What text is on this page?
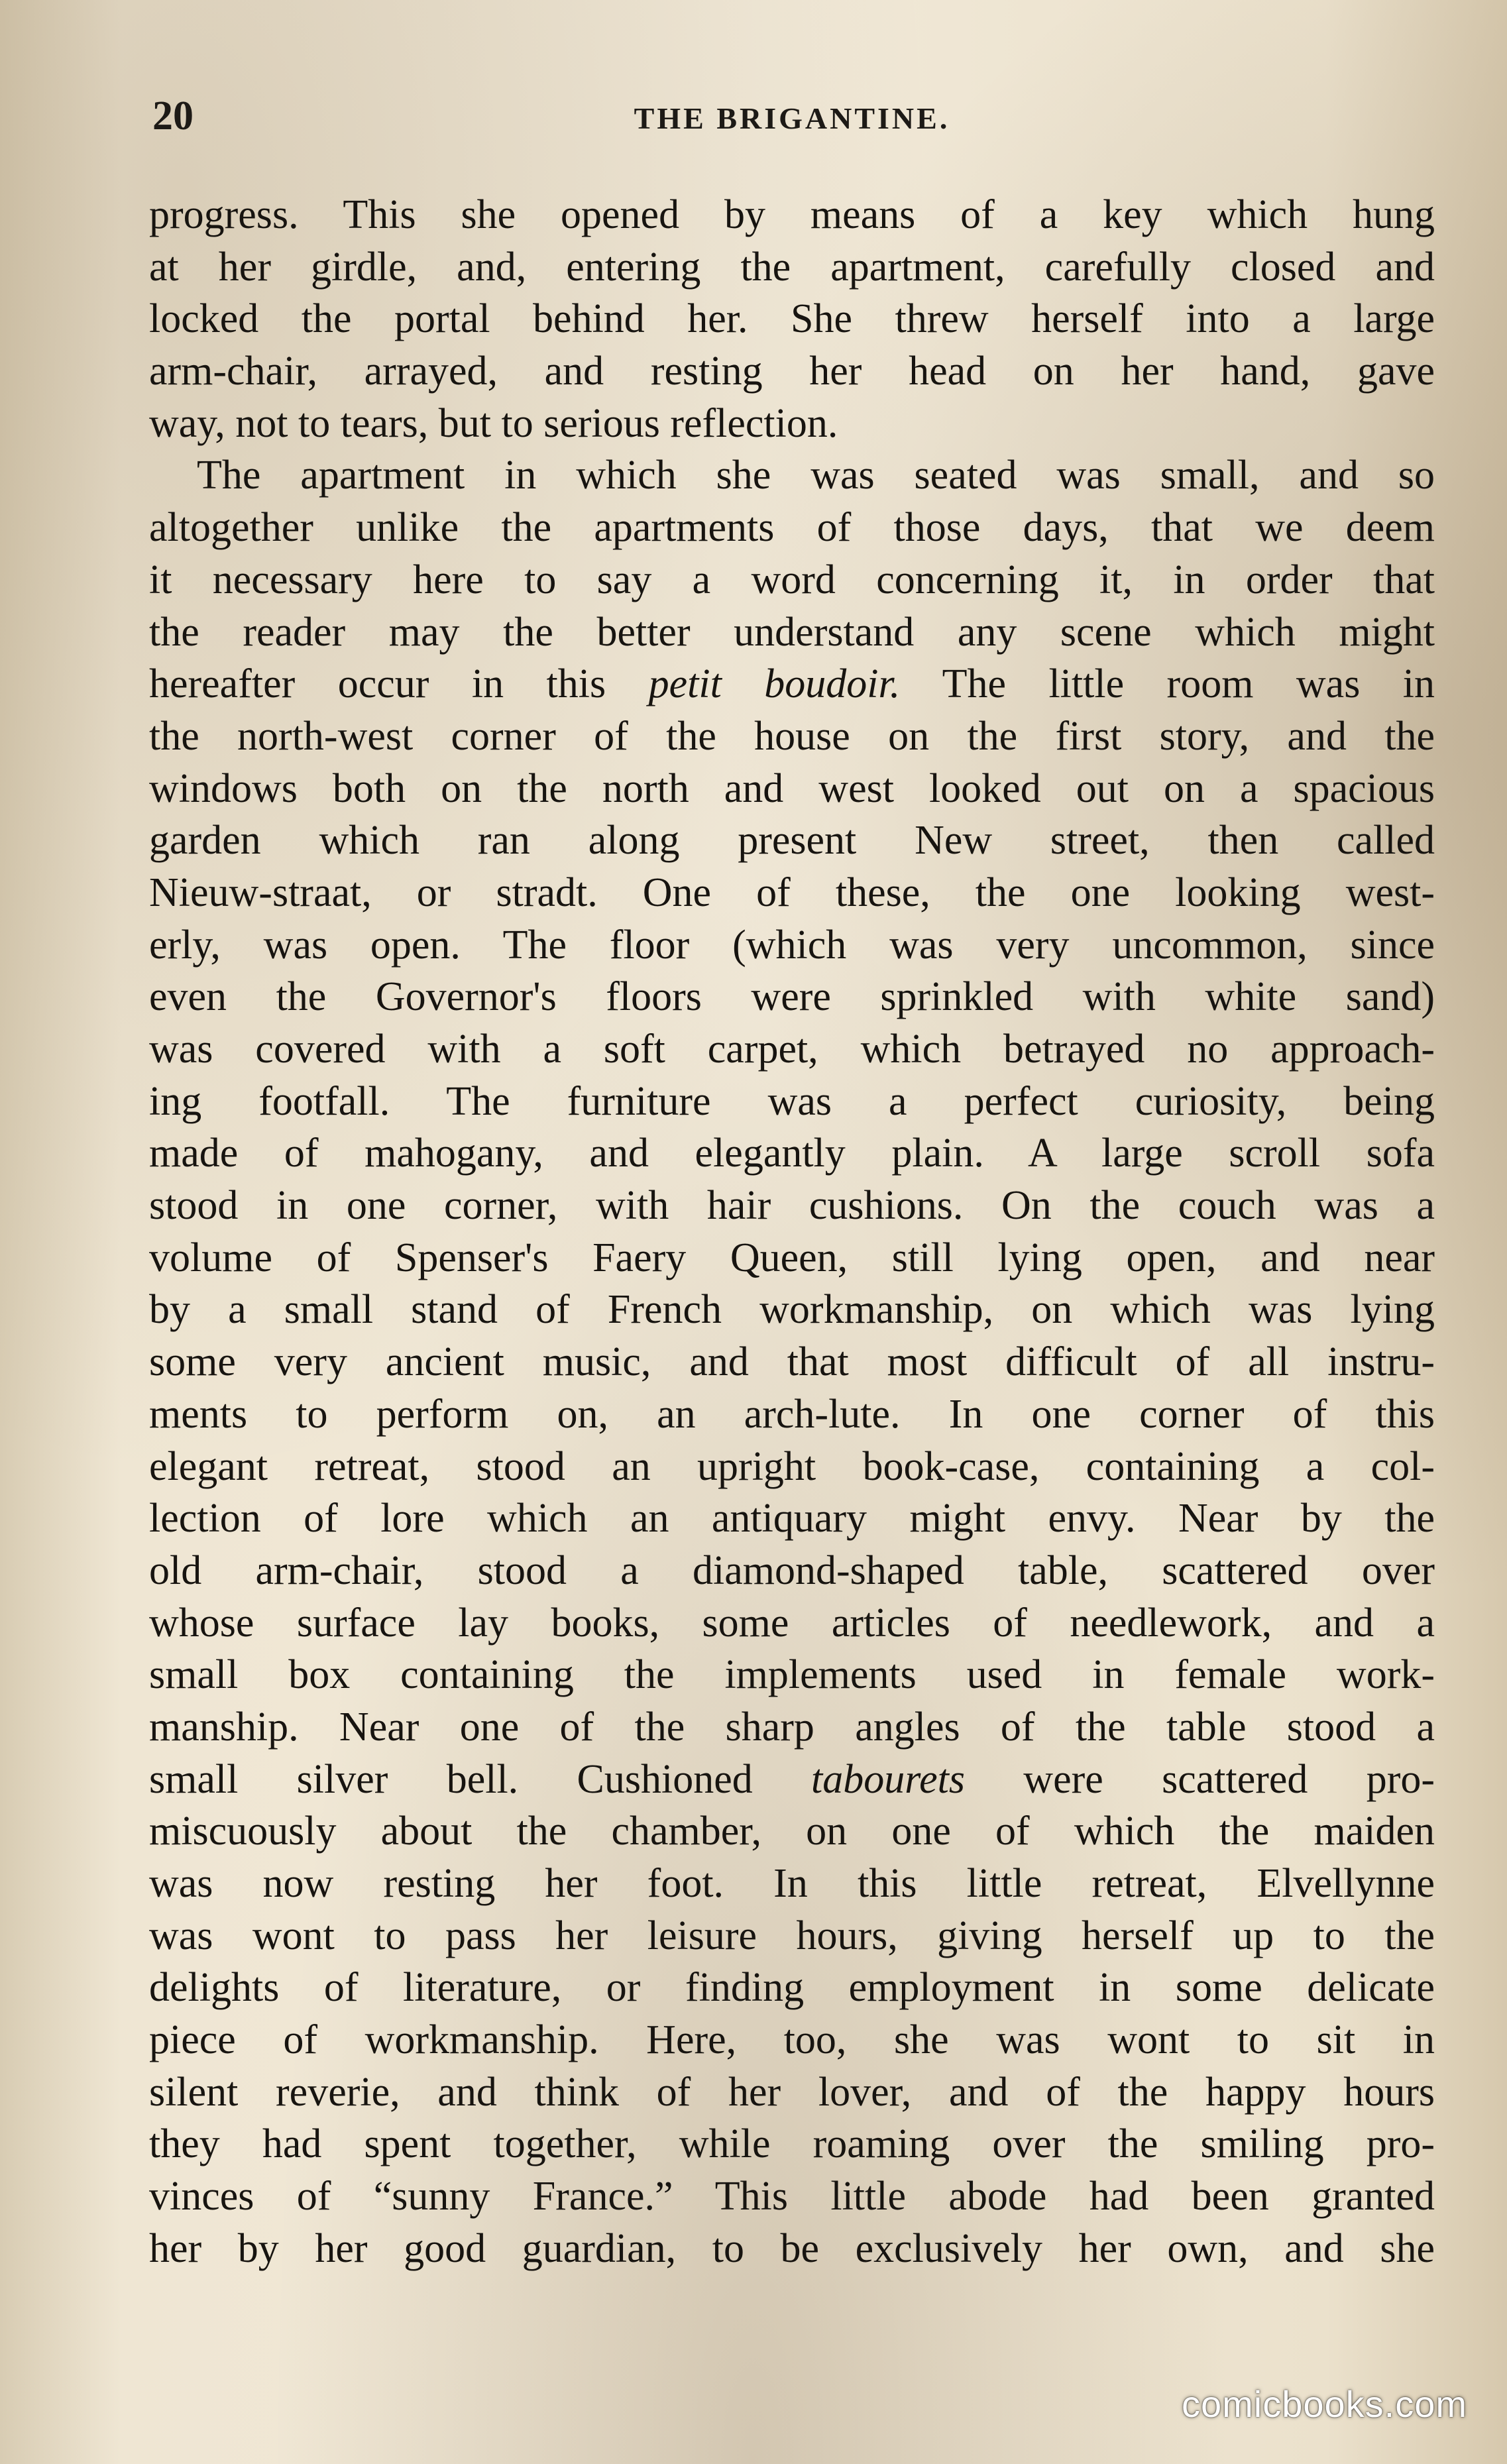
20	THE BRIGANTINE.
progress. This she opened by means of a key which hung
at her girdle, and, entering the apartment, carefully closed and
locked the portal behind her. She threw herself into a large
arm-chair, arrayed, and resting her head on her hand, gave
way, not to tears, but to serious reflection.
The apartment in which she was seated was small, and so
altogether unlike the apartments of those days, that we deem
it necessary here to say a word concerning it, in order that
the reader may the better understand any scene which might
hereafter occur in this petit boudoir. The little room was in
the north-west corner of the house on the first story, and the
windows both on the north and west looked out on a spacious
garden which ran along present New street, then called
Nieuw-straat, or stradt. One of these, the one looking west-
erly, was open. The floor (which was very uncommon, since
even the Governor's floors were sprinkled with white sand)
was covered with a soft carpet, which betrayed no approach-
ing footfall. The furniture was a perfect curiosity, being
made of mahogany, and elegantly plain. A large scroll sofa
stood in one corner, with hair cushions. On the couch was a
volume of Spenser's Faery Queen, still lying open, and near
by a small stand of French workmanship, on which was lying
some very ancient music, and that most difficult of all instru-
ments to perform on, an arch-lute. In one corner of this
elegant retreat, stood an upright book-case, containing a col-
lection of lore which an antiquary might envy. Near by the
old arm-chair, stood a diamond-shaped table, scattered over
whose surface lay books, some articles of needlework, and a
small box containing the implements used in female work-
manship. Near one of the sharp angles of the table stood a
small silver bell. Cushioned tabourets were scattered pro-
miscuously about the chamber, on one of which the maiden
was now resting her foot. In this little retreat, Elvellynne
was wont to pass her leisure hours, giving herself up to the
delights of literature, or finding employment in some delicate
piece of workmanship. Here, too, she was wont to sit in
silent reverie, and think of her lover, and of the happy hours
they had spent together, while roaming over the smiling pro-
vinces of “sunny France.” This little abode had been granted
her by her good guardian, to be exclusively her own, and she
comicbooks.com
